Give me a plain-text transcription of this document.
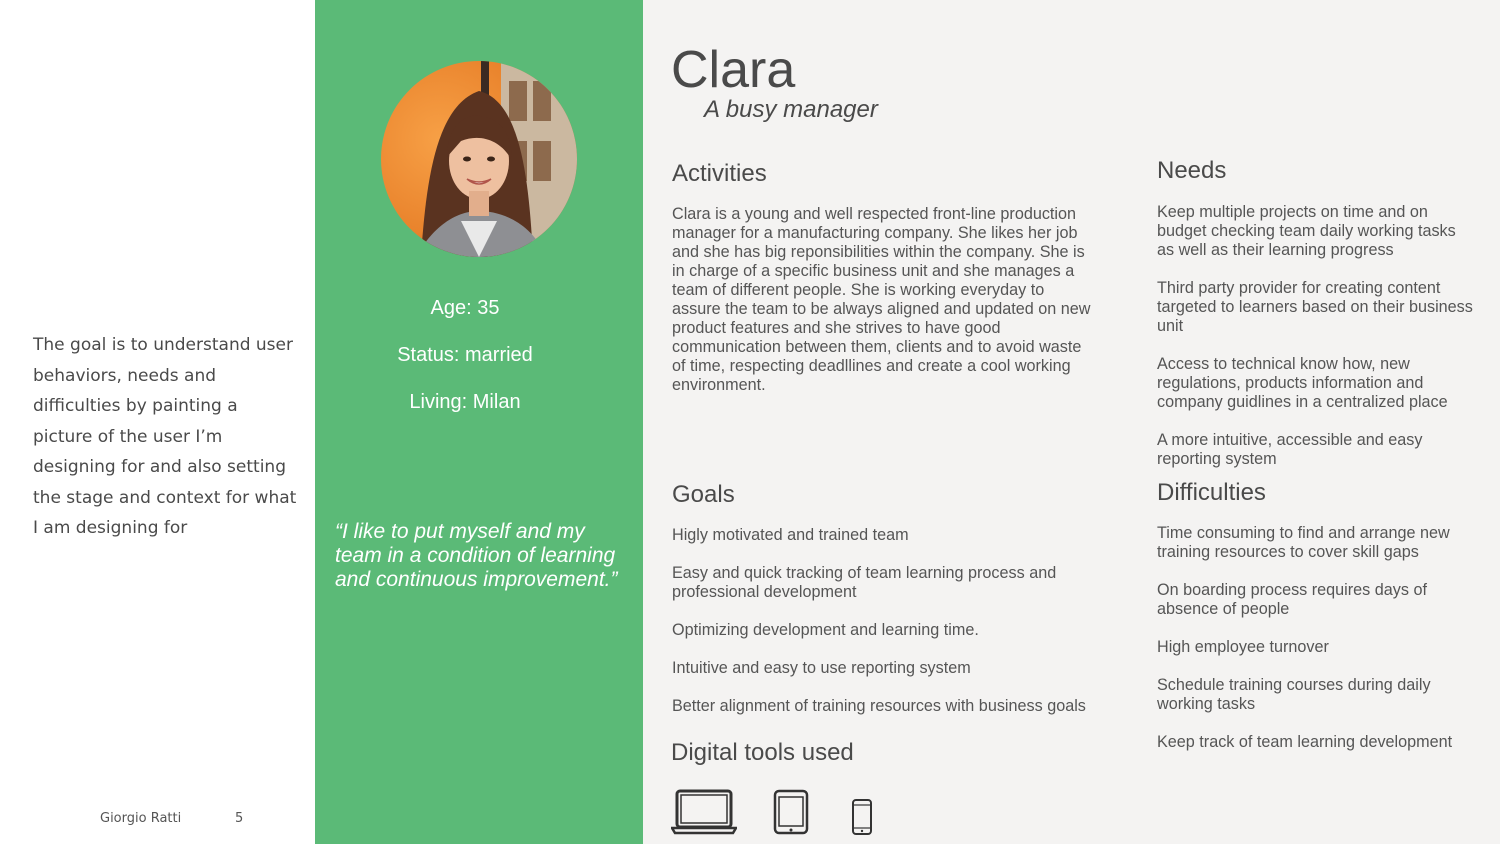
The goal is to understand user behaviors, needs and difficulties by painting a picture of the user I’m designing for and also setting the stage and context for what I am designing for

Giorgio Ratti	5
Age: 35
Status: married
Living: Milan

“I like to put myself and my team in a condition of learning and continuous improvement.”

Clara

A busy manager

Activities

Clara is a young and well respected front-line production manager for a manufacturing company. She likes her job and she has big reponsibilities within the company. She is in charge of a specific business unit and she manages a team of different people. She is working everyday to assure the team to be always aligned and updated on new product features and she strives to have good communication between them, clients and to avoid waste of time, respecting deadllines and create a cool working environment.

Needs
Keep multiple projects on time and on budget checking team daily working tasks as well as their learning progress
Third party provider for creating content targeted to learners based on their business unit
Access to technical know how, new regulations, products information and company guidlines in a centralized place
A more intuitive, accessible and easy reporting system
Goals
Higly motivated and trained team
Easy and quick tracking of team learning process and professional development
Optimizing development and learning time.
Intuitive and easy to use reporting system
Better alignment of training resources with business goals
Difficulties
Time consuming to find and arrange new training resources to cover skill gaps
On boarding process requires days of absence of people
High employee turnover
Schedule training courses during daily working tasks
Keep track of team learning development
Digital tools used
